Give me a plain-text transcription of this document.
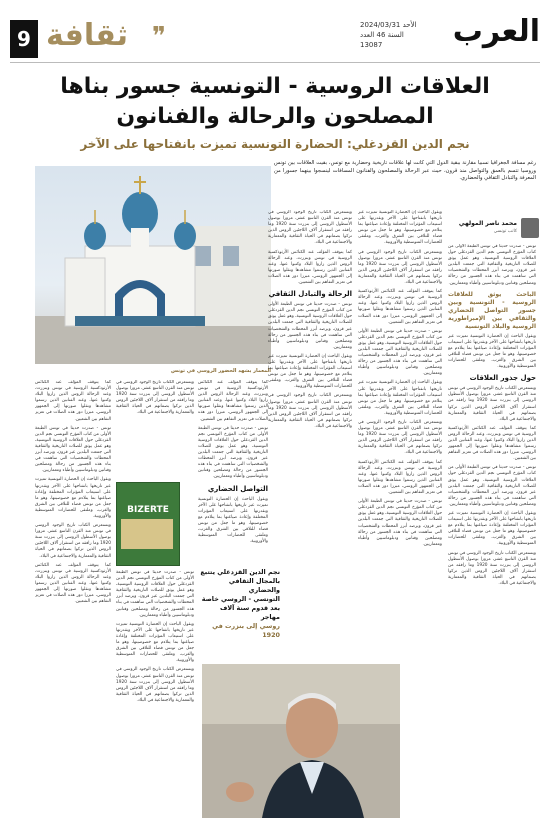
العرب
الأحد 2024/03/31
السنة 46 العدد 13087
9 ثقافة ❞
العلاقات الروسية - التونسية جسور بناها المصلحون والرحالة والفنانون
نجم الدين القزدغلي: الحضارة التونسية تميزت بانفتاحها على الآخر
رغم مسافة الجغرافيا نسبيا مقارنة ببقية الدول التي كانت لها علاقات تاريخية وحضارية مع تونس، بقيت العلاقات بين تونس وروسيا تتسم بالعمق والتواصل منذ قرون، حيث عبر الرحالة والمصلحون والفنانون المسافات لينسجوا بينهما جسورا من المعرفة والتبادل الثقافي والحضاري.
محمد ناصر المولهي
كاتب تونسي
المعمار يشهد الحضور الروسي في تونس

تونس - صدرت حديثا في تونس الطبعة الأولى من كتاب المؤرخ التونسي نجم الدين القزدغلي حول العلاقات الروسية التونسية، وهو عمل يوثق للصلات التاريخية والثقافية التي جمعت البلدين عبر قرون، ويرصد أبرز المحطات والشخصيات التي ساهمت في بناء هذه الجسور من رحالة ومصلحين وفنانين ودبلوماسيين وأطباء ومعماريين.

الباحث يوثق للعلاقات الروسية - التونسية وبين جسور التواصل الحضاري والثقافي بين الإمبراطورية الروسية والبلاد التونسية

ويقول الباحث إن الحضارة التونسية تميزت عبر تاريخها بانفتاحها على الآخر وبقدرتها على استيعاب المؤثرات المختلفة وإعادة صياغتها بما يتلاءم مع خصوصيتها، وهو ما جعل من تونس فضاء للتلاقي بين الشرق والغرب، وملتقى للحضارات المتوسطية والأوروبية.

حول جذور العلاقات

ويستعرض الكتاب تاريخ الوجود الروسي في تونس منذ القرن التاسع عشر، مرورا بوصول الأسطول الروسي إلى بنزرت سنة 1920 وما رافقه من استقرار آلاف اللاجئين الروس الذين تركوا بصماتهم في الحياة الثقافية والمعمارية والاجتماعية في البلاد.

كما يتوقف المؤلف عند الكنائس الأرثوذكسية الروسية في تونس وبنزرت، وعند الرحالة الروس الذين زاروا البلاد وكتبوا عنها، وعند الفنانين الذين رسموا مشاهدها ونقلوا صورتها إلى الجمهور الروسي، مبرزا دور هذه الصلات في تعزيز التفاهم بين الشعبين.

تونس - صدرت حديثا في تونس الطبعة الأولى من كتاب المؤرخ التونسي نجم الدين القزدغلي حول العلاقات الروسية التونسية، وهو عمل يوثق للصلات التاريخية والثقافية التي جمعت البلدين عبر قرون، ويرصد أبرز المحطات والشخصيات التي ساهمت في بناء هذه الجسور من رحالة ومصلحين وفنانين ودبلوماسيين وأطباء ومعماريين.

ويقول الباحث إن الحضارة التونسية تميزت عبر تاريخها بانفتاحها على الآخر وبقدرتها على استيعاب المؤثرات المختلفة وإعادة صياغتها بما يتلاءم مع خصوصيتها، وهو ما جعل من تونس فضاء للتلاقي بين الشرق والغرب، وملتقى للحضارات المتوسطية والأوروبية.

ويستعرض الكتاب تاريخ الوجود الروسي في تونس منذ القرن التاسع عشر، مرورا بوصول الأسطول الروسي إلى بنزرت سنة 1920 وما رافقه من استقرار آلاف اللاجئين الروس الذين تركوا بصماتهم في الحياة الثقافية والمعمارية والاجتماعية في البلاد.

ويقول الباحث إن الحضارة التونسية تميزت عبر تاريخها بانفتاحها على الآخر وبقدرتها على استيعاب المؤثرات المختلفة وإعادة صياغتها بما يتلاءم مع خصوصيتها، وهو ما جعل من تونس فضاء للتلاقي بين الشرق والغرب، وملتقى للحضارات المتوسطية والأوروبية.

ويستعرض الكتاب تاريخ الوجود الروسي في تونس منذ القرن التاسع عشر، مرورا بوصول الأسطول الروسي إلى بنزرت سنة 1920 وما رافقه من استقرار آلاف اللاجئين الروس الذين تركوا بصماتهم في الحياة الثقافية والمعمارية والاجتماعية في البلاد.

كما يتوقف المؤلف عند الكنائس الأرثوذكسية الروسية في تونس وبنزرت، وعند الرحالة الروس الذين زاروا البلاد وكتبوا عنها، وعند الفنانين الذين رسموا مشاهدها ونقلوا صورتها إلى الجمهور الروسي، مبرزا دور هذه الصلات في تعزيز التفاهم بين الشعبين.

تونس - صدرت حديثا في تونس الطبعة الأولى من كتاب المؤرخ التونسي نجم الدين القزدغلي حول العلاقات الروسية التونسية، وهو عمل يوثق للصلات التاريخية والثقافية التي جمعت البلدين عبر قرون، ويرصد أبرز المحطات والشخصيات التي ساهمت في بناء هذه الجسور من رحالة ومصلحين وفنانين ودبلوماسيين وأطباء ومعماريين.

ويقول الباحث إن الحضارة التونسية تميزت عبر تاريخها بانفتاحها على الآخر وبقدرتها على استيعاب المؤثرات المختلفة وإعادة صياغتها بما يتلاءم مع خصوصيتها، وهو ما جعل من تونس فضاء للتلاقي بين الشرق والغرب، وملتقى للحضارات المتوسطية والأوروبية.

ويستعرض الكتاب تاريخ الوجود الروسي في تونس منذ القرن التاسع عشر، مرورا بوصول الأسطول الروسي إلى بنزرت سنة 1920 وما رافقه من استقرار آلاف اللاجئين الروس الذين تركوا بصماتهم في الحياة الثقافية والمعمارية والاجتماعية في البلاد.

كما يتوقف المؤلف عند الكنائس الأرثوذكسية الروسية في تونس وبنزرت، وعند الرحالة الروس الذين زاروا البلاد وكتبوا عنها، وعند الفنانين الذين رسموا مشاهدها ونقلوا صورتها إلى الجمهور الروسي، مبرزا دور هذه الصلات في تعزيز التفاهم بين الشعبين.

تونس - صدرت حديثا في تونس الطبعة الأولى من كتاب المؤرخ التونسي نجم الدين القزدغلي حول العلاقات الروسية التونسية، وهو عمل يوثق للصلات التاريخية والثقافية التي جمعت البلدين عبر قرون، ويرصد أبرز المحطات والشخصيات التي ساهمت في بناء هذه الجسور من رحالة ومصلحين وفنانين ودبلوماسيين وأطباء ومعماريين.

ويستعرض الكتاب تاريخ الوجود الروسي في تونس منذ القرن التاسع عشر، مرورا بوصول الأسطول الروسي إلى بنزرت سنة 1920 وما رافقه من استقرار آلاف اللاجئين الروس الذين تركوا بصماتهم في الحياة الثقافية والمعمارية والاجتماعية في البلاد.

كما يتوقف المؤلف عند الكنائس الأرثوذكسية الروسية في تونس وبنزرت، وعند الرحالة الروس الذين زاروا البلاد وكتبوا عنها، وعند الفنانين الذين رسموا مشاهدها ونقلوا صورتها إلى الجمهور الروسي، مبرزا دور هذه الصلات في تعزيز التفاهم بين الشعبين.

الرحالة والتبادل الثقافي

تونس - صدرت حديثا في تونس الطبعة الأولى من كتاب المؤرخ التونسي نجم الدين القزدغلي حول العلاقات الروسية التونسية، وهو عمل يوثق للصلات التاريخية والثقافية التي جمعت البلدين عبر قرون، ويرصد أبرز المحطات والشخصيات التي ساهمت في بناء هذه الجسور من رحالة ومصلحين وفنانين ودبلوماسيين وأطباء ومعماريين.

ويقول الباحث إن الحضارة التونسية تميزت عبر تاريخها بانفتاحها على الآخر وبقدرتها على استيعاب المؤثرات المختلفة وإعادة صياغتها بما يتلاءم مع خصوصيتها، وهو ما جعل من تونس فضاء للتلاقي بين الشرق والغرب، وملتقى للحضارات المتوسطية والأوروبية.

ويستعرض الكتاب تاريخ الوجود الروسي في تونس منذ القرن التاسع عشر، مرورا بوصول الأسطول الروسي إلى بنزرت سنة 1920 وما رافقه من استقرار آلاف اللاجئين الروس الذين تركوا بصماتهم في الحياة الثقافية والمعمارية والاجتماعية في البلاد.

كما يتوقف المؤلف عند الكنائس الأرثوذكسية الروسية في تونس وبنزرت، وعند الرحالة الروس الذين زاروا البلاد وكتبوا عنها، وعند الفنانين الذين رسموا مشاهدها ونقلوا صورتها إلى الجمهور الروسي، مبرزا دور هذه الصلات في تعزيز التفاهم بين الشعبين.

تونس - صدرت حديثا في تونس الطبعة الأولى من كتاب المؤرخ التونسي نجم الدين القزدغلي حول العلاقات الروسية التونسية، وهو عمل يوثق للصلات التاريخية والثقافية التي جمعت البلدين عبر قرون، ويرصد أبرز المحطات والشخصيات التي ساهمت في بناء هذه الجسور من رحالة ومصلحين وفنانين ودبلوماسيين وأطباء ومعماريين.

التواصل الحضاري

ويقول الباحث إن الحضارة التونسية تميزت عبر تاريخها بانفتاحها على الآخر وبقدرتها على استيعاب المؤثرات المختلفة وإعادة صياغتها بما يتلاءم مع خصوصيتها، وهو ما جعل من تونس فضاء للتلاقي بين الشرق والغرب، وملتقى للحضارات المتوسطية والأوروبية.

ويستعرض الكتاب تاريخ الوجود الروسي في تونس منذ القرن التاسع عشر، مرورا بوصول الأسطول الروسي إلى بنزرت سنة 1920 وما رافقه من استقرار آلاف اللاجئين الروس الذين تركوا بصماتهم في الحياة الثقافية والمعمارية والاجتماعية في البلاد.

كما يتوقف المؤلف عند الكنائس الأرثوذكسية الروسية في تونس وبنزرت، وعند الرحالة الروس الذين زاروا البلاد وكتبوا عنها، وعند الفنانين الذين رسموا مشاهدها ونقلوا صورتها إلى الجمهور الروسي، مبرزا دور هذه الصلات في تعزيز التفاهم بين الشعبين.

تونس - صدرت حديثا في تونس الطبعة الأولى من كتاب المؤرخ التونسي نجم الدين القزدغلي حول العلاقات الروسية التونسية، وهو عمل يوثق للصلات التاريخية والثقافية التي جمعت البلدين عبر قرون، ويرصد أبرز المحطات والشخصيات التي ساهمت في بناء هذه الجسور من رحالة ومصلحين وفنانين ودبلوماسيين وأطباء ومعماريين.

ويقول الباحث إن الحضارة التونسية تميزت عبر تاريخها بانفتاحها على الآخر وبقدرتها على استيعاب المؤثرات المختلفة وإعادة صياغتها بما يتلاءم مع خصوصيتها، وهو ما جعل من تونس فضاء للتلاقي بين الشرق والغرب، وملتقى للحضارات المتوسطية والأوروبية.

ويستعرض الكتاب تاريخ الوجود الروسي في تونس منذ القرن التاسع عشر، مرورا بوصول الأسطول الروسي إلى بنزرت سنة 1920 وما رافقه من استقرار آلاف اللاجئين الروس الذين تركوا بصماتهم في الحياة الثقافية والمعمارية والاجتماعية في البلاد.

كما يتوقف المؤلف عند الكنائس الأرثوذكسية الروسية في تونس وبنزرت، وعند الرحالة الروس الذين زاروا البلاد وكتبوا عنها، وعند الفنانين الذين رسموا مشاهدها ونقلوا صورتها إلى الجمهور الروسي، مبرزا دور هذه الصلات في تعزيز التفاهم بين الشعبين.

تونس - صدرت حديثا في تونس الطبعة الأولى من كتاب المؤرخ التونسي نجم الدين القزدغلي حول العلاقات الروسية التونسية، وهو عمل يوثق للصلات التاريخية والثقافية التي جمعت البلدين عبر قرون، ويرصد أبرز المحطات والشخصيات التي ساهمت في بناء هذه الجسور من رحالة ومصلحين وفنانين ودبلوماسيين وأطباء ومعماريين.

ويقول الباحث إن الحضارة التونسية تميزت عبر تاريخها بانفتاحها على الآخر وبقدرتها على استيعاب المؤثرات المختلفة وإعادة صياغتها بما يتلاءم مع خصوصيتها، وهو ما جعل من تونس فضاء للتلاقي بين الشرق والغرب، وملتقى للحضارات المتوسطية والأوروبية.

ويستعرض الكتاب تاريخ الوجود الروسي في تونس منذ القرن التاسع عشر، مرورا بوصول الأسطول الروسي إلى بنزرت سنة 1920 وما رافقه من استقرار آلاف اللاجئين الروس الذين تركوا بصماتهم في الحياة الثقافية والمعمارية والاجتماعية في البلاد.

BIZERTE
نجم الدين القزدغلي يتتبع
بالمجال الثقافي والحضاري
التونسي - الروسي خاصة
بعد قدوم سنة آلاف مهاجر
روسي إلى بنزرت في 1920
